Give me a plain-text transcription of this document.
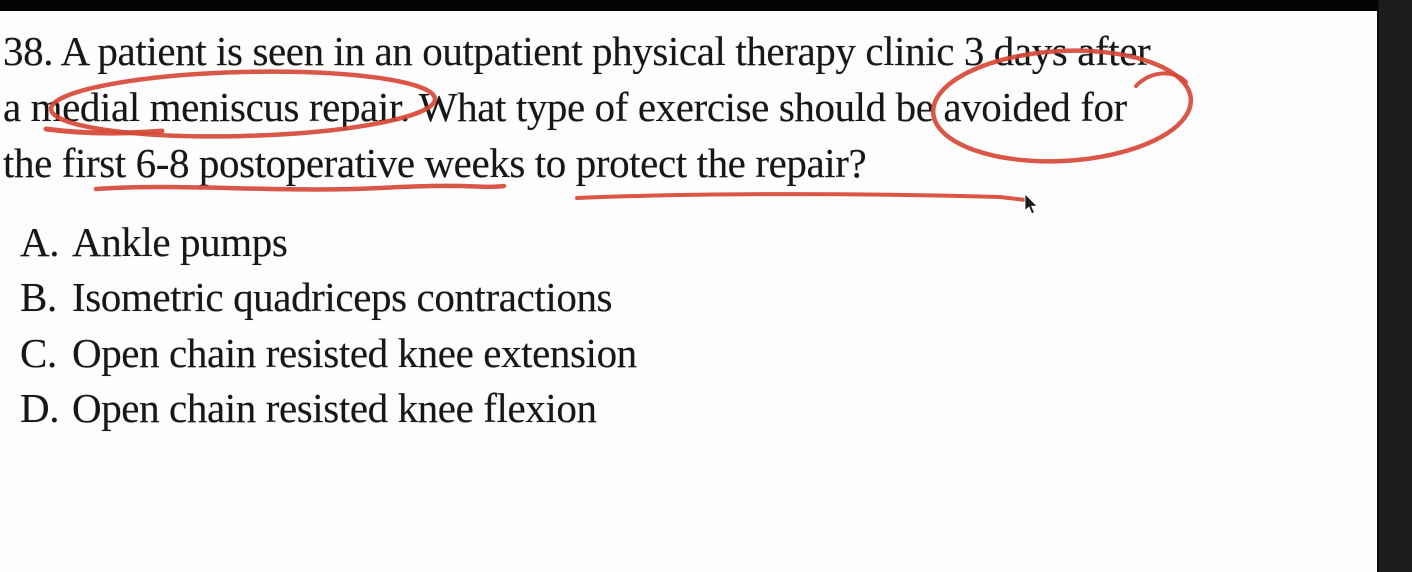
38. A patient is seen in an outpatient physical therapy clinic 3 days after
a medial meniscus repair. What type of exercise should be avoided for
the first 6-8 postoperative weeks to protect the repair?
A. Ankle pumps
B. Isometric quadriceps contractions
C. Open chain resisted knee extension
D. Open chain resisted knee flexion
